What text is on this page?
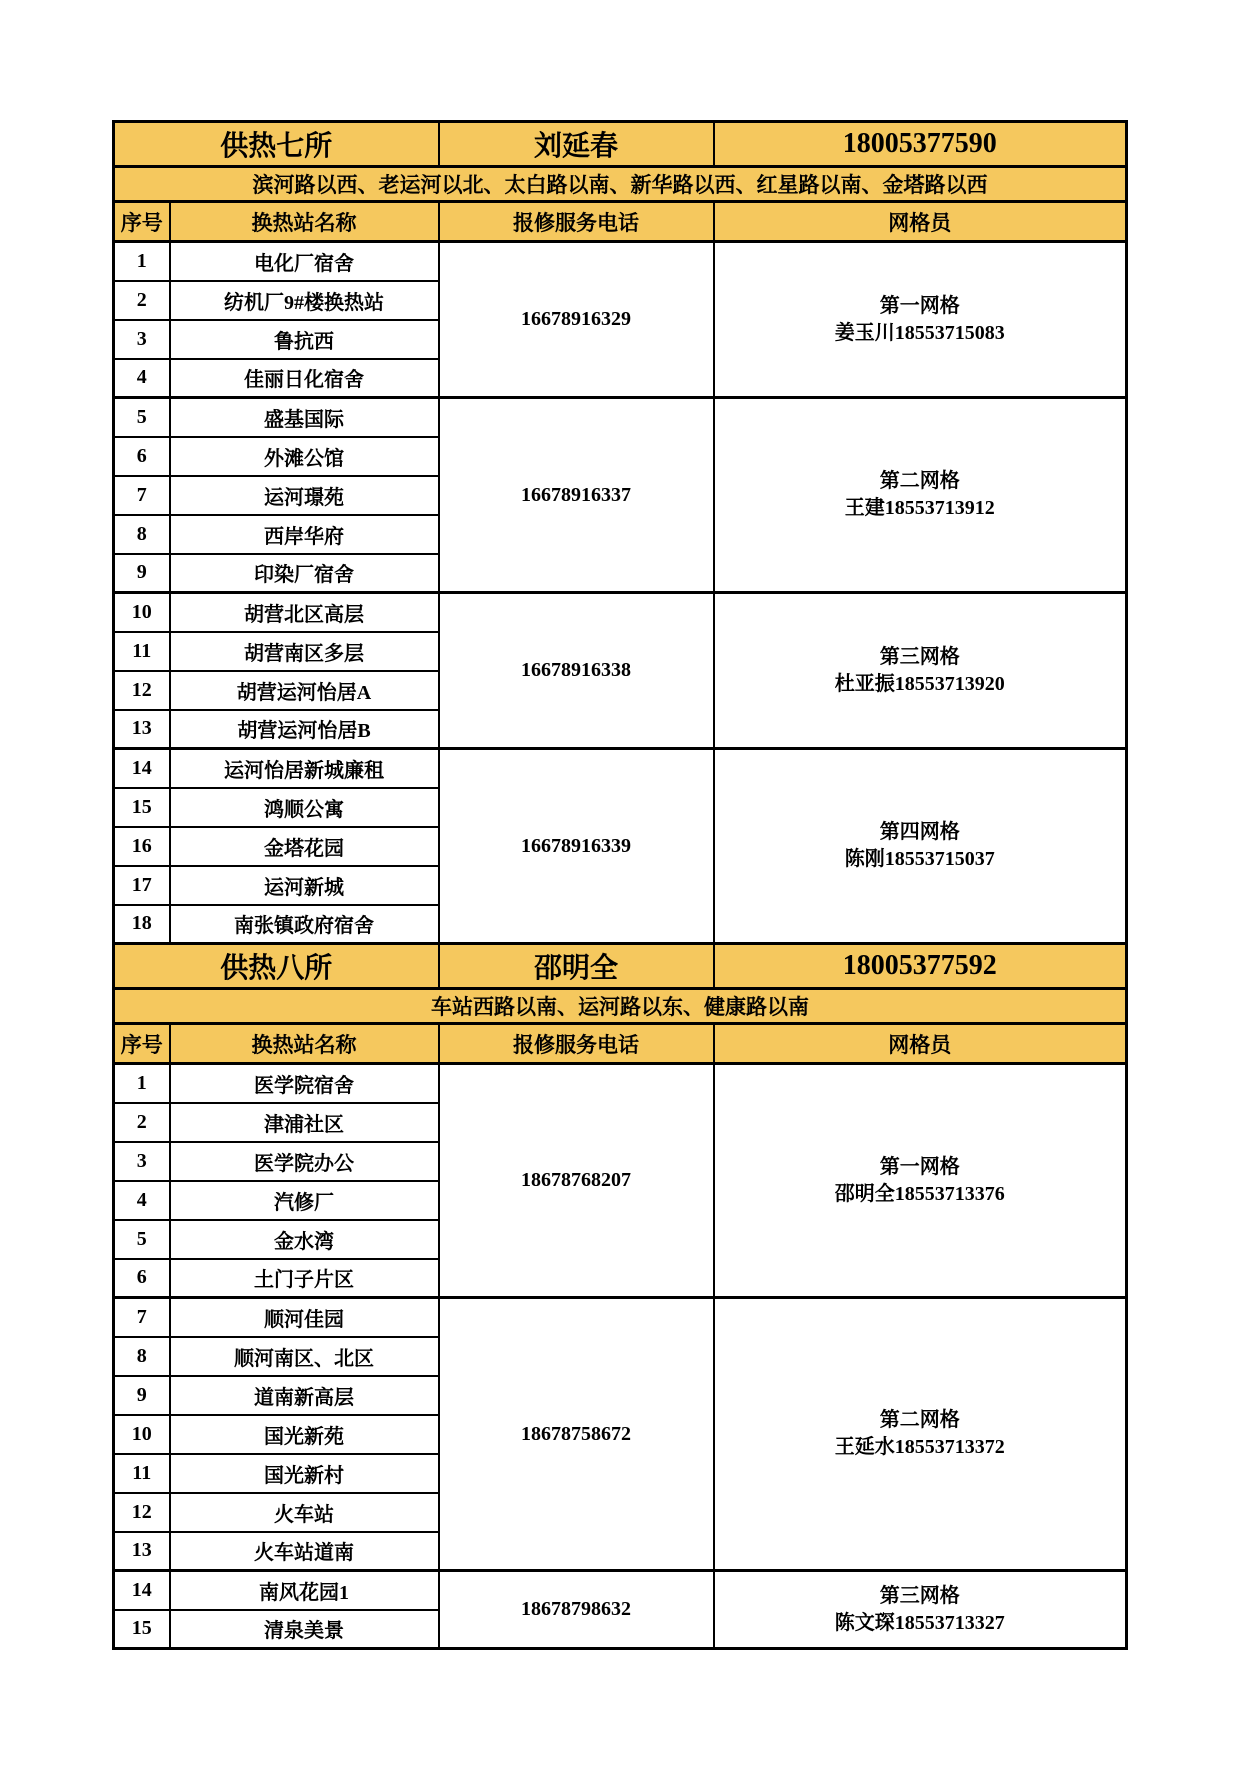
供热七所		刘延春	18005377590
滨河路以西、老运河以北、太白路以南、新华路以西、红星路以南、金塔路以西			
序号	换热站名称	报修服务电话	网格员
1	电化厂宿舍	16678916329	第一网格
姜玉川18553715083

2	纺机厂9#楼换热站		
3	鲁抗西		
4	佳丽日化宿舍		
5	盛基国际	16678916337	第二网格
王建18553713912

6	外滩公馆		
7	运河璟苑		
8	西岸华府		
9	印染厂宿舍		
10	胡营北区高层	16678916338	第三网格
杜亚振18553713920

11	胡营南区多层		
12	胡营运河怡居A		
13	胡营运河怡居B		
14	运河怡居新城廉租	16678916339	第四网格
陈刚18553715037

15	鸿顺公寓		
16	金塔花园		
17	运河新城		
18	南张镇政府宿舍		
供热八所		邵明全	18005377592
车站西路以南、运河路以东、健康路以南			
序号	换热站名称	报修服务电话	网格员
1	医学院宿舍	18678768207	第一网格
邵明全18553713376

2	津浦社区		
3	医学院办公		
4	汽修厂		
5	金水湾		
6	土门子片区		
7	顺河佳园	18678758672	第二网格
王延水18553713372

8	顺河南区、北区		
9	道南新高层		
10	国光新苑		
11	国光新村		
12	火车站		
13	火车站道南		
14	南风花园1	18678798632	第三网格
陈文琛18553713327

15	清泉美景		
